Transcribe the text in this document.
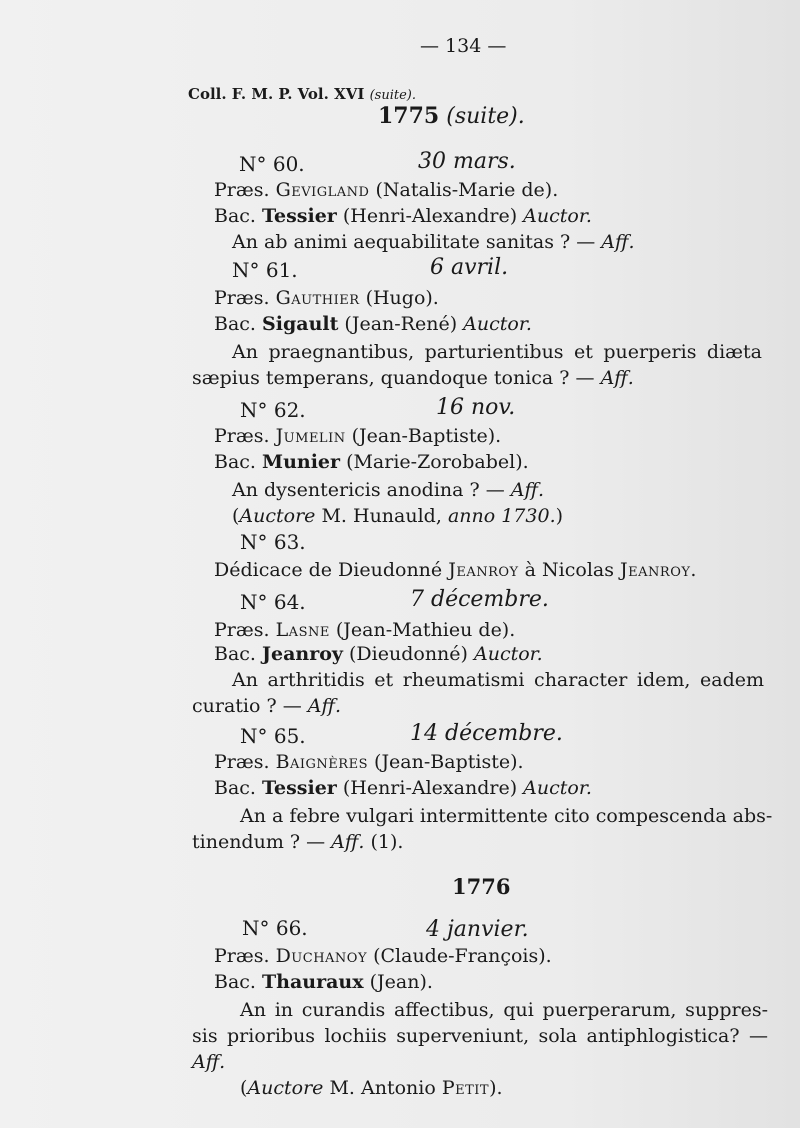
— 134 —
Coll. F. M. P. Vol. XVI (suite).
1775 (suite).
N° 60.	30 mars.
Præs. Gevigland (Natalis-Marie de).
Bac. Tessier (Henri-Alexandre) Auctor.
An ab animi aequabilitate sanitas ? — Aff.
N° 61.	6 avril.
Præs. Gauthier (Hugo).
Bac. Sigault (Jean-René) Auctor.
An praegnantibus, parturientibus et puerperis diæta
sæpius temperans, quandoque tonica ? — Aff.
N° 62.	16 nov.
Præs. Jumelin (Jean-Baptiste).
Bac. Munier (Marie-Zorobabel).
An dysentericis anodina ? — Aff.
(Auctore M. Hunauld, anno 1730.)
N° 63.
Dédicace de Dieudonné Jeanroy à Nicolas Jeanroy.
N° 64.	7 décembre.
Præs. Lasne (Jean-Mathieu de).
Bac. Jeanroy (Dieudonné) Auctor.
An arthritidis et rheumatismi character idem, eadem
curatio ? — Aff.
N° 65.	14 décembre.
Præs. Baignères (Jean-Baptiste).
Bac. Tessier (Henri-Alexandre) Auctor.
An a febre vulgari intermittente cito compescenda abs-
tinendum ? — Aff. (1).
1776
N° 66.	4 janvier.
Præs. Duchanoy (Claude-François).
Bac. Thauraux (Jean).
An in curandis affectibus, qui puerperarum, suppres-
sis prioribus lochiis superveniunt, sola antiphlogistica? —
Aff.
(Auctore M. Antonio Petit).
